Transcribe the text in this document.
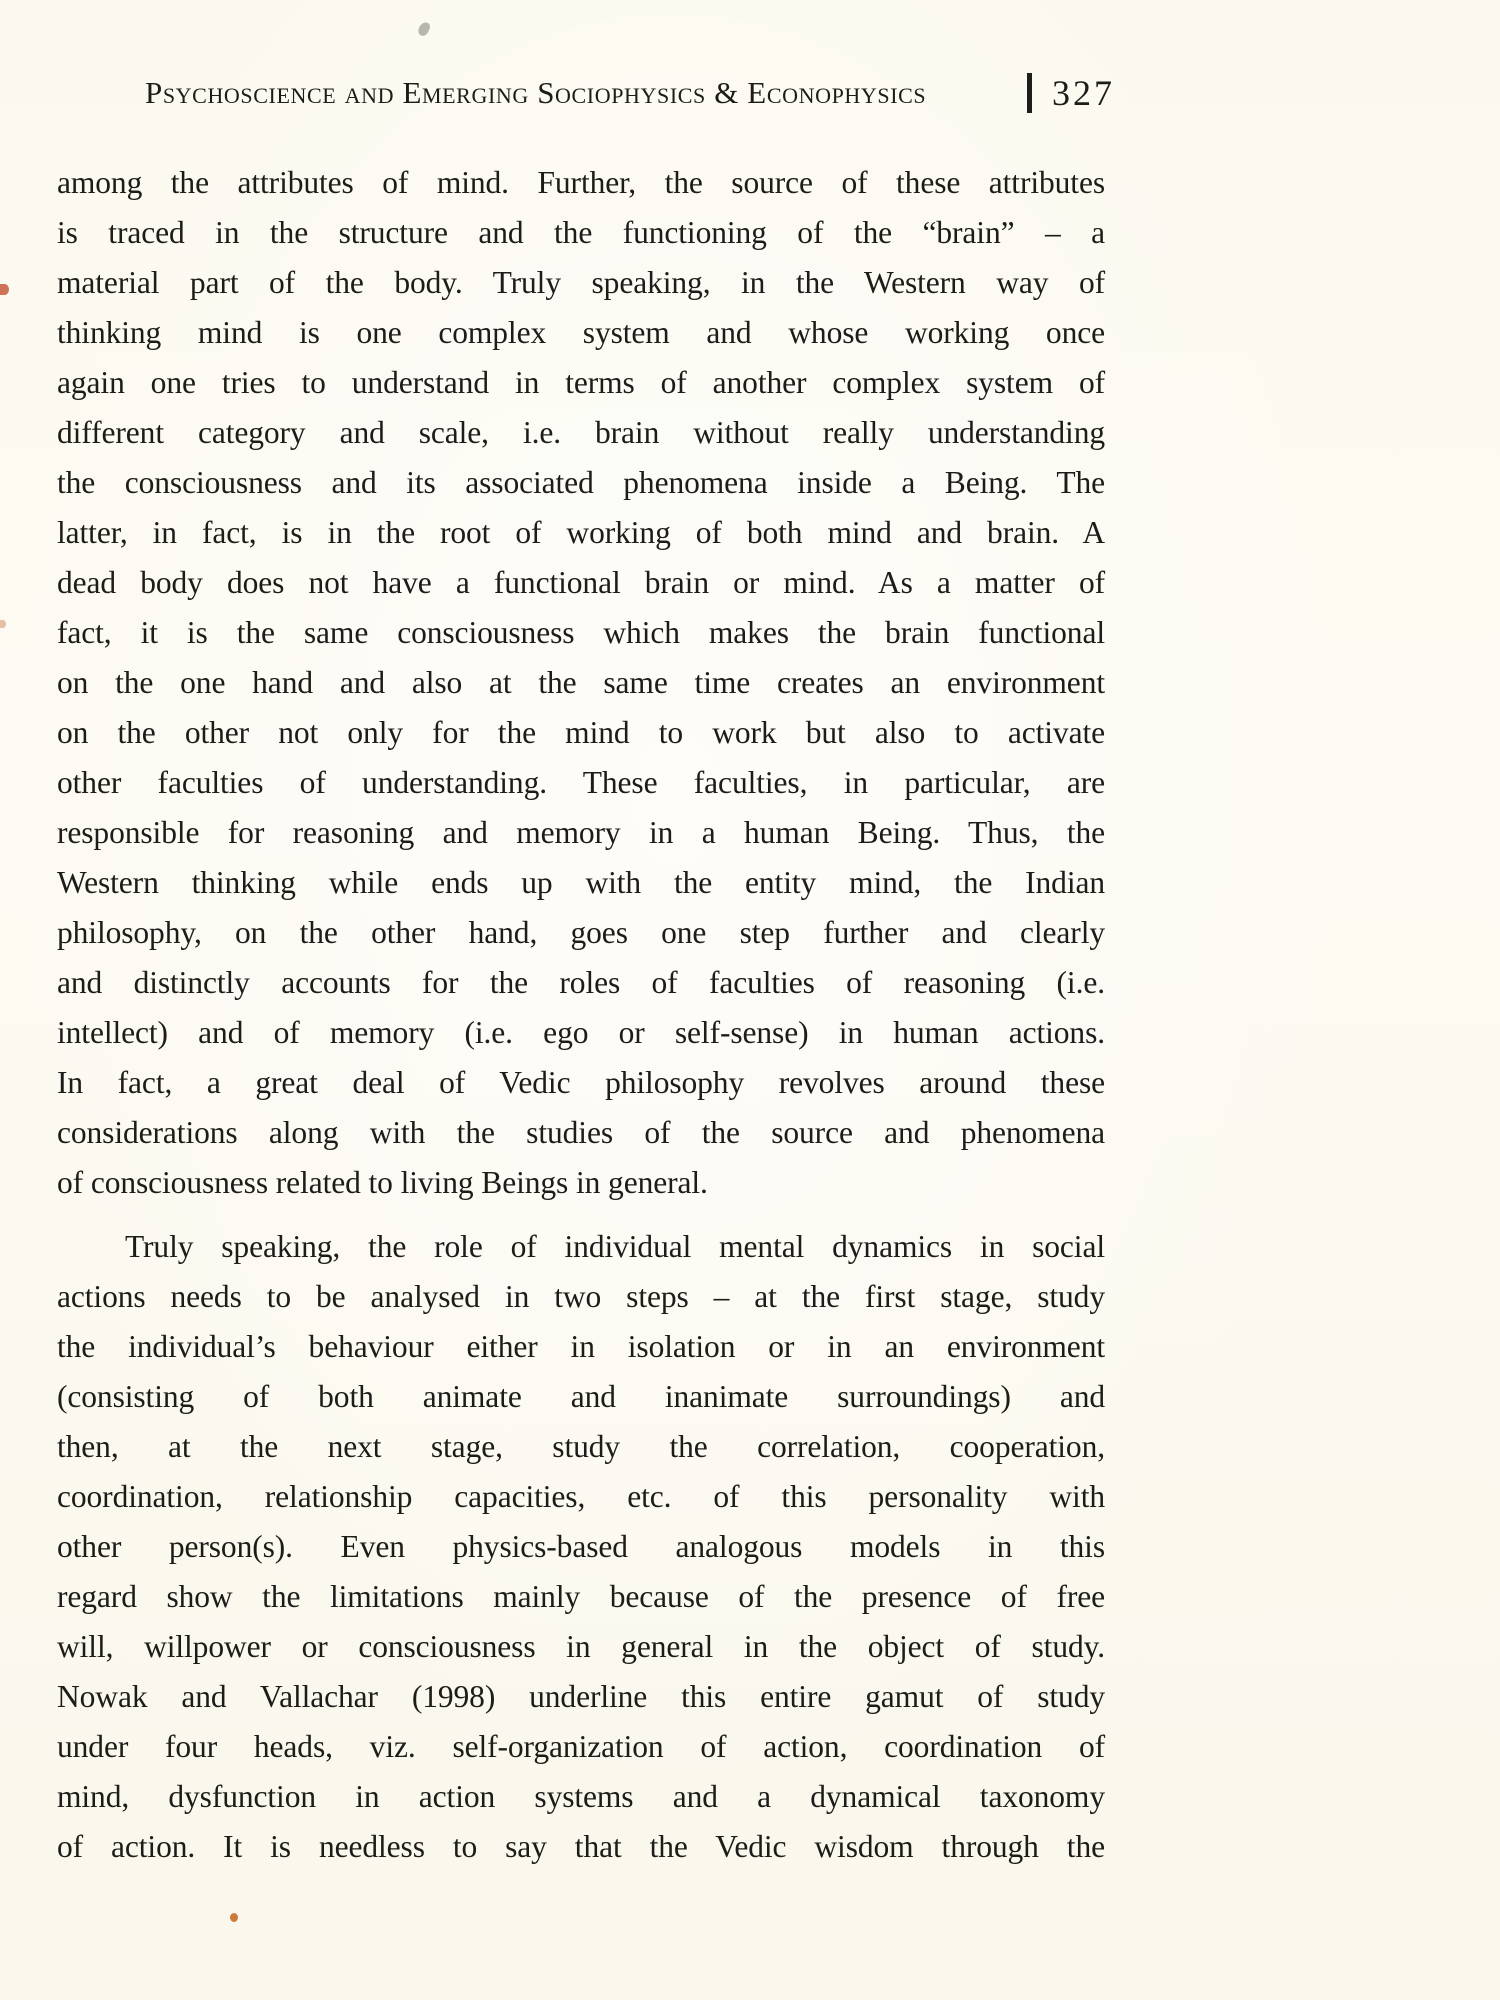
Psychoscience and Emerging Sociophysics & Econophysics	327
among the attributes of mind. Further, the source of these attributes
is traced in the structure and the functioning of the “brain” – a
material part of the body. Truly speaking, in the Western way of
thinking mind is one complex system and whose working once
again one tries to understand in terms of another complex system of
different category and scale, i.e. brain without really understanding
the consciousness and its associated phenomena inside a Being. The
latter, in fact, is in the root of working of both mind and brain. A
dead body does not have a functional brain or mind. As a matter of
fact, it is the same consciousness which makes the brain functional
on the one hand and also at the same time creates an environment
on the other not only for the mind to work but also to activate
other faculties of understanding. These faculties, in particular, are
responsible for reasoning and memory in a human Being. Thus, the
Western thinking while ends up with the entity mind, the Indian
philosophy, on the other hand, goes one step further and clearly
and distinctly accounts for the roles of faculties of reasoning (i.e.
intellect) and of memory (i.e. ego or self-sense) in human actions.
In fact, a great deal of Vedic philosophy revolves around these
considerations along with the studies of the source and phenomena
of consciousness related to living Beings in general.
Truly speaking, the role of individual mental dynamics in social
actions needs to be analysed in two steps – at the first stage, study
the individual’s behaviour either in isolation or in an environment
(consisting of both animate and inanimate surroundings) and
then, at the next stage, study the correlation, cooperation,
coordination, relationship capacities, etc. of this personality with
other person(s). Even physics-based analogous models in this
regard show the limitations mainly because of the presence of free
will, willpower or consciousness in general in the object of study.
Nowak and Vallachar (1998) underline this entire gamut of study
under four heads, viz. self-organization of action, coordination of
mind, dysfunction in action systems and a dynamical taxonomy
of action. It is needless to say that the Vedic wisdom through the
